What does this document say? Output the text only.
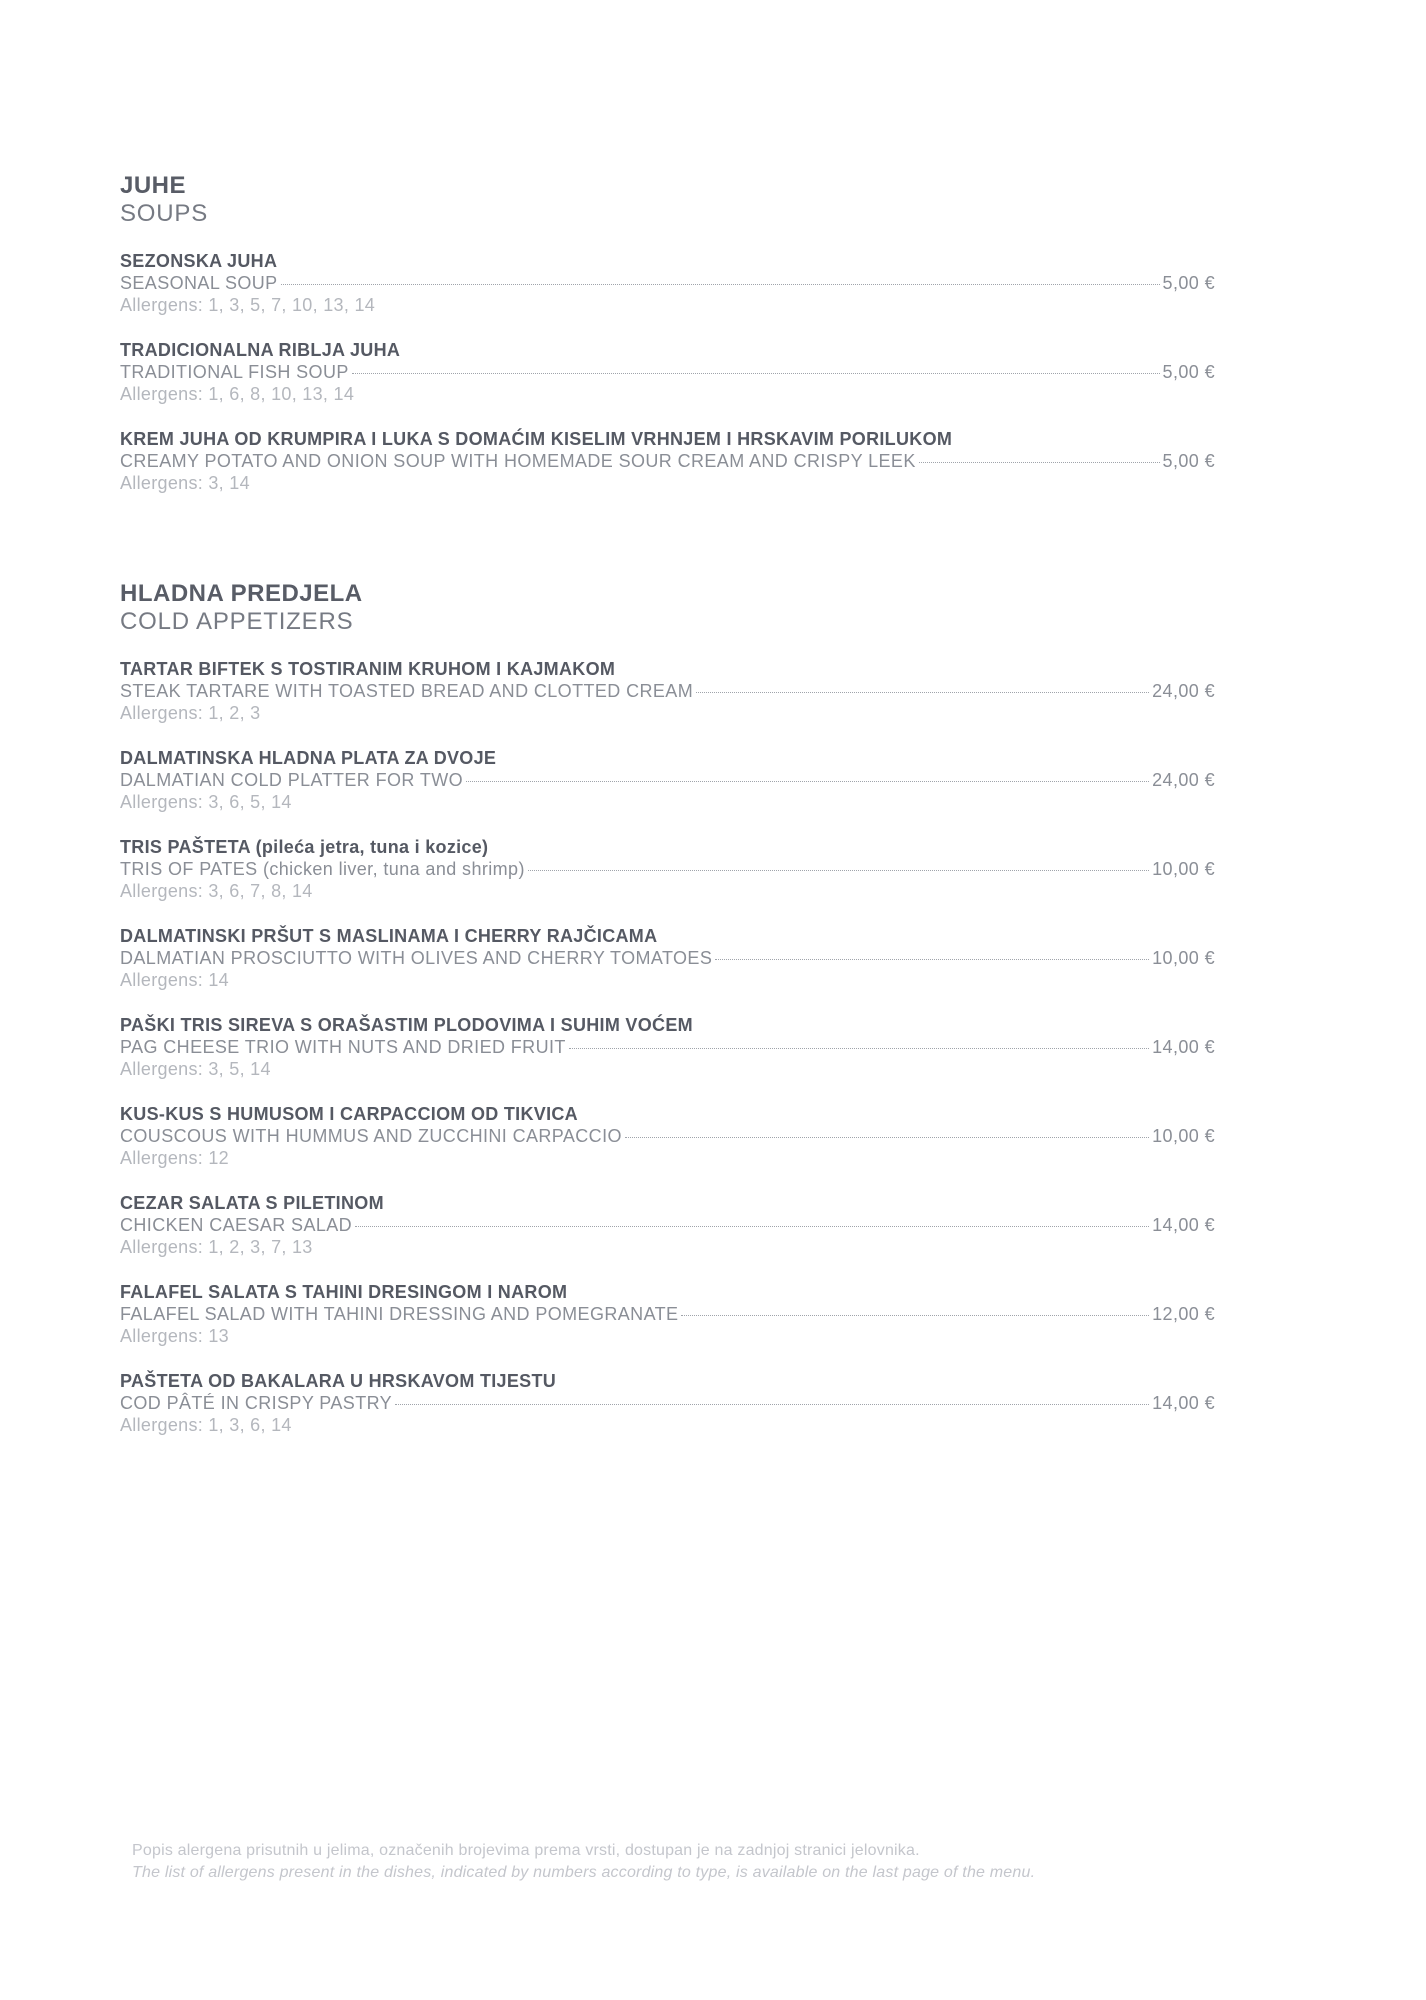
JUHE
SOUPS
SEZONSKA JUHA
SEASONAL SOUP	5,00 €
Allergens: 1, 3, 5, 7, 10, 13, 14
TRADICIONALNA RIBLJA JUHA
TRADITIONAL FISH SOUP	5,00 €
Allergens: 1, 6, 8, 10, 13, 14
KREM JUHA OD KRUMPIRA I LUKA S DOMAĆIM KISELIM VRHNJEM I HRSKAVIM PORILUKOM
CREAMY POTATO AND ONION SOUP WITH HOMEMADE SOUR CREAM AND CRISPY LEEK	5,00 €
Allergens: 3, 14
HLADNA PREDJELA
COLD APPETIZERS
TARTAR BIFTEK S TOSTIRANIM KRUHOM I KAJMAKOM
STEAK TARTARE WITH TOASTED BREAD AND CLOTTED CREAM	24,00 €
Allergens: 1, 2, 3
DALMATINSKA HLADNA PLATA ZA DVOJE
DALMATIAN COLD PLATTER FOR TWO	24,00 €
Allergens: 3, 6, 5, 14
TRIS PAŠTETA (pileća jetra, tuna i kozice)
TRIS OF PATES (chicken liver, tuna and shrimp)	10,00 €
Allergens: 3, 6, 7, 8, 14
DALMATINSKI PRŠUT S MASLINAMA I CHERRY RAJČICAMA
DALMATIAN PROSCIUTTO WITH OLIVES AND CHERRY TOMATOES	10,00 €
Allergens: 14
PAŠKI TRIS SIREVA S ORAŠASTIM PLODOVIMA I SUHIM VOĆEM
PAG CHEESE TRIO WITH NUTS AND DRIED FRUIT	14,00 €
Allergens: 3, 5, 14
KUS-KUS S HUMUSOM I CARPACCIOM OD TIKVICA
COUSCOUS WITH HUMMUS AND ZUCCHINI CARPACCIO	10,00 €
Allergens: 12
CEZAR SALATA S PILETINOM
CHICKEN CAESAR SALAD	14,00 €
Allergens: 1, 2, 3, 7, 13
FALAFEL SALATA S TAHINI DRESINGOM I NAROM
FALAFEL SALAD WITH TAHINI DRESSING AND POMEGRANATE	12,00 €
Allergens: 13
PAŠTETA OD BAKALARA U HRSKAVOM TIJESTU
COD PÂTÉ IN CRISPY PASTRY	14,00 €
Allergens: 1, 3, 6, 14
Popis alergena prisutnih u jelima, označenih brojevima prema vrsti, dostupan je na zadnjoj stranici jelovnika.
The list of allergens present in the dishes, indicated by numbers according to type, is available on the last page of the menu.
